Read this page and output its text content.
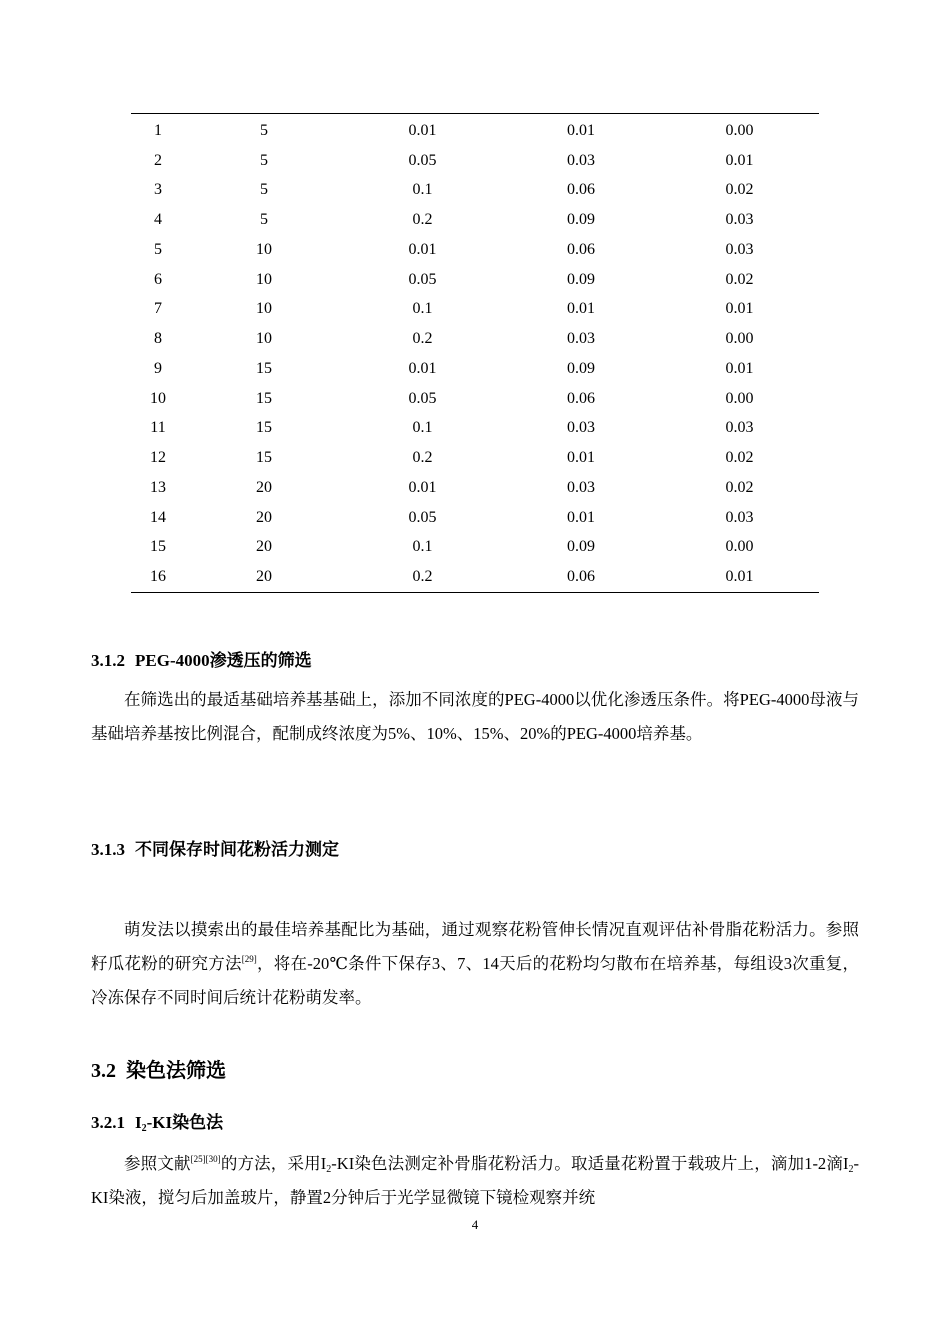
1	5	0.01	0.01	0.00
2	5	0.05	0.03	0.01
3	5	0.1	0.06	0.02
4	5	0.2	0.09	0.03
5	10	0.01	0.06	0.03
6	10	0.05	0.09	0.02
7	10	0.1	0.01	0.01
8	10	0.2	0.03	0.00
9	15	0.01	0.09	0.01
10	15	0.05	0.06	0.00
11	15	0.1	0.03	0.03
12	15	0.2	0.01	0.02
13	20	0.01	0.03	0.02
14	20	0.05	0.01	0.03
15	20	0.1	0.09	0.00
16	20	0.2	0.06	0.01
3.1.2 PEG-4000渗透压的筛选

在筛选出的最适基础培养基基础上，添加不同浓度的PEG-4000以优化渗透压条件。将PEG-4000母液与基础培养基按比例混合，配制成终浓度为5%、10%、15%、20%的PEG-4000培养基。

3.1.3 不同保存时间花粉活力测定

萌发法以摸索出的最佳培养基配比为基础，通过观察花粉管伸长情况直观评估补骨脂花粉活力。参照籽瓜花粉的研究方法[29]，将在-20℃条件下保存3、7、14天后的花粉均匀散布在培养基，每组设3次重复，冷冻保存不同时间后统计花粉萌发率。

3.2 染色法筛选
3.2.1 $I_2-KI$染色法

参照文献[25][30]的方法，采用$I_2-KI$染色法测定补骨脂花粉活力。取适量花粉置于载玻片上，滴加1-2滴$I_2-KI$染液，搅匀后加盖玻片，静置2分钟后于光学显微镜下镜检观察并统

4
